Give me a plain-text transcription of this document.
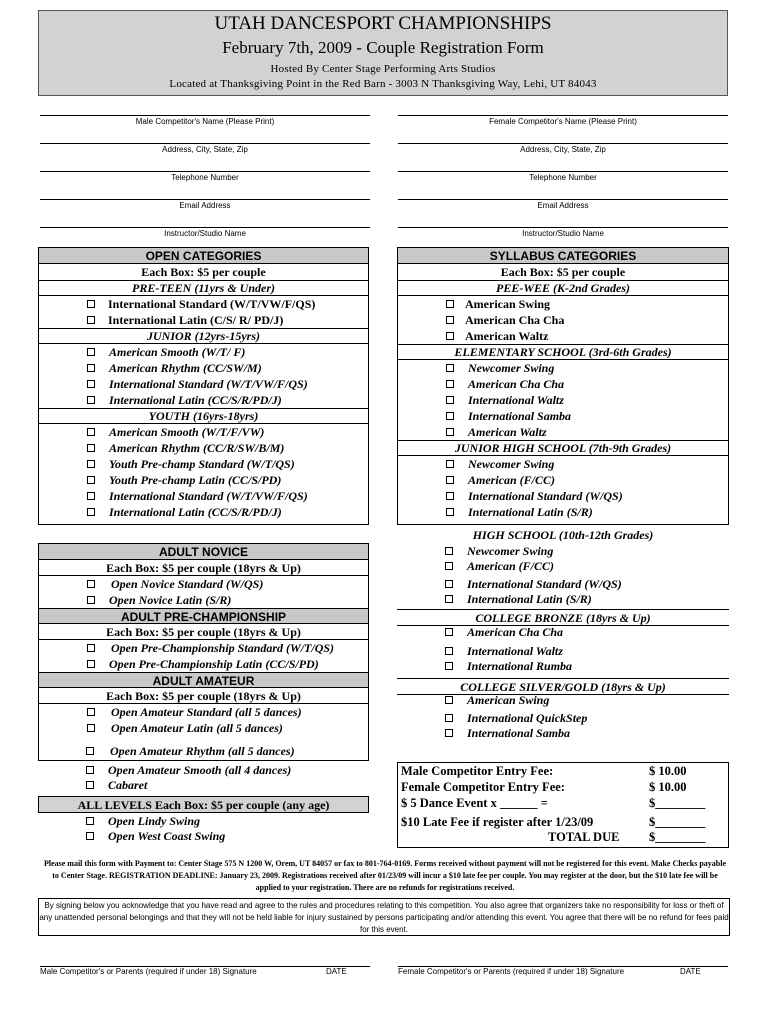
UTAH DANCESPORT CHAMPIONSHIPS
February 7th, 2009 - Couple Registration Form
Hosted By Center Stage Performing Arts Studios
Located at Thanksgiving Point in the Red Barn - 3003 N Thanksgiving Way, Lehi, UT 84043
Male Competitor's Name (Please Print)	Female Competitor's Name (Please Print)
Address, City, State, Zip	Address, City, State, Zip
Telephone Number	Telephone Number
Email Address	Email Address
Instructor/Studio Name	Instructor/Studio Name
OPEN CATEGORIES
Each Box: $5 per couple
PRE-TEEN (11yrs & Under)
International Standard (W/T/VW/F/QS)
International Latin (C/S/ R/ PD/J)
JUNIOR (12yrs-15yrs)
American Smooth (W/T/ F)
American Rhythm (CC/SW/M)
International Standard (W/T/VW/F/QS)
International Latin (CC/S/R/PD/J)
YOUTH (16yrs-18yrs)
American Smooth (W/T/F/VW)
American Rhythm (CC/R/SW/B/M)
Youth Pre-champ Standard (W/T/QS)
Youth Pre-champ Latin (CC/S/PD)
International Standard (W/T/VW/F/QS)
International Latin (CC/S/R/PD/J)
ADULT NOVICE
Each Box: $5 per couple (18yrs & Up)
Open Novice Standard (W/QS)
Open Novice Latin (S/R)
ADULT PRE-CHAMPIONSHIP
Each Box: $5 per couple (18yrs & Up)
Open Pre-Championship Standard (W/T/QS)
Open Pre-Championship Latin (CC/S/PD)
ADULT AMATEUR
Each Box: $5 per couple (18yrs & Up)
Open Amateur Standard (all 5 dances)
Open Amateur Latin (all 5 dances)
Open Amateur Rhythm (all 5 dances)
Open Amateur Smooth (all 4 dances)
Cabaret
ALL LEVELS Each Box: $5 per couple (any age)
Open Lindy Swing
Open West Coast Swing
SYLLABUS CATEGORIES
Each Box: $5 per couple
PEE-WEE (K-2nd Grades)
American Swing
American Cha Cha
American Waltz
ELEMENTARY SCHOOL (3rd-6th Grades)
Newcomer Swing
American Cha Cha
International Waltz
International Samba
American Waltz
JUNIOR HIGH SCHOOL (7th-9th Grades)
Newcomer Swing
American (F/CC)
International Standard (W/QS)
International Latin (S/R)
HIGH SCHOOL (10th-12th Grades)
Newcomer Swing
American (F/CC)
International Standard (W/QS)
International Latin (S/R)
COLLEGE BRONZE (18yrs & Up)
American Cha Cha
International Waltz
International Rumba
COLLEGE SILVER/GOLD (18yrs & Up)
American Swing
International QuickStep
International Samba
Male Competitor Entry Fee:	$ 10.00
Female Competitor Entry Fee:	$ 10.00
$ 5 Dance Event x ______ =	$________
$10 Late Fee if register after 1/23/09	$________
TOTAL DUE $________
Please mail this form with Payment to: Center Stage 575 N 1200 W, Orem, UT 84057 or fax to 801-764-0169. Forms received without payment will not be registered for this event. Make Checks payable to Center Stage. REGISTRATION DEADLINE: January 23, 2009. Registrations received after 01/23/09 will incur a $10 late fee per couple. You may register at the door, but the $10 late fee will be applied to your registration. There are no refunds for registrations received.
By signing below you acknowledge that you have read and agree to the rules and procedures relating to this competition. You also agree that organizers take no responsibility for loss or theft of any unattended personal belongings and that they will not be held liable for injury sustained by persons participating and/or attending this event. You agree that there will be no refund for fees paid for this event.
Male Competitor's or Parents (required if under 18) Signature	DATE	Female Competitor's or Parents (required if under 18) Signature	DATE
